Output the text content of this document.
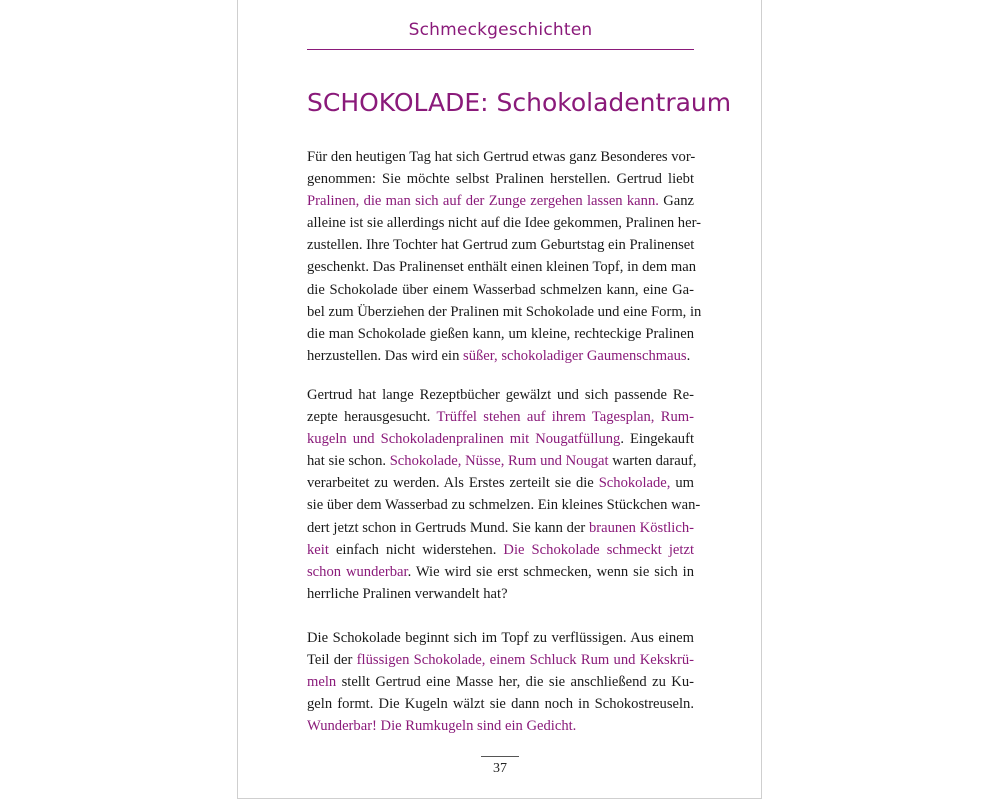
Schmeckgeschichten
SCHOKOLADE: Schokoladentraum
Für den heutigen Tag hat sich Gertrud etwas ganz Besonderes vor-
genommen: Sie möchte selbst Pralinen herstellen. Gertrud liebt
Pralinen, die man sich auf der Zunge zergehen lassen kann. Ganz
alleine ist sie allerdings nicht auf die Idee gekommen, Pralinen her-
zustellen. Ihre Tochter hat Gertrud zum Geburtstag ein Pralinenset
geschenkt. Das Pralinenset enthält einen kleinen Topf, in dem man
die Schokolade über einem Wasserbad schmelzen kann, eine Ga-
bel zum Überziehen der Pralinen mit Schokolade und eine Form, in
die man Schokolade gießen kann, um kleine, rechteckige Pralinen
herzustellen. Das wird ein süßer, schokoladiger Gaumenschmaus.
Gertrud hat lange Rezeptbücher gewälzt und sich passende Re-
zepte herausgesucht. Trüffel stehen auf ihrem Tagesplan, Rum-
kugeln und Schokoladenpralinen mit Nougatfüllung. Eingekauft
hat sie schon. Schokolade, Nüsse, Rum und Nougat warten darauf,
verarbeitet zu werden. Als Erstes zerteilt sie die Schokolade, um
sie über dem Wasserbad zu schmelzen. Ein kleines Stückchen wan-
dert jetzt schon in Gertruds Mund. Sie kann der braunen Köstlich-
keit einfach nicht widerstehen. Die Schokolade schmeckt jetzt
schon wunderbar. Wie wird sie erst schmecken, wenn sie sich in
herrliche Pralinen verwandelt hat?
Die Schokolade beginnt sich im Topf zu verflüssigen. Aus einem
Teil der flüssigen Schokolade, einem Schluck Rum und Kekskrü-
meln stellt Gertrud eine Masse her, die sie anschließend zu Ku-
geln formt. Die Kugeln wälzt sie dann noch in Schokostreuseln.
Wunderbar! Die Rumkugeln sind ein Gedicht.
37
